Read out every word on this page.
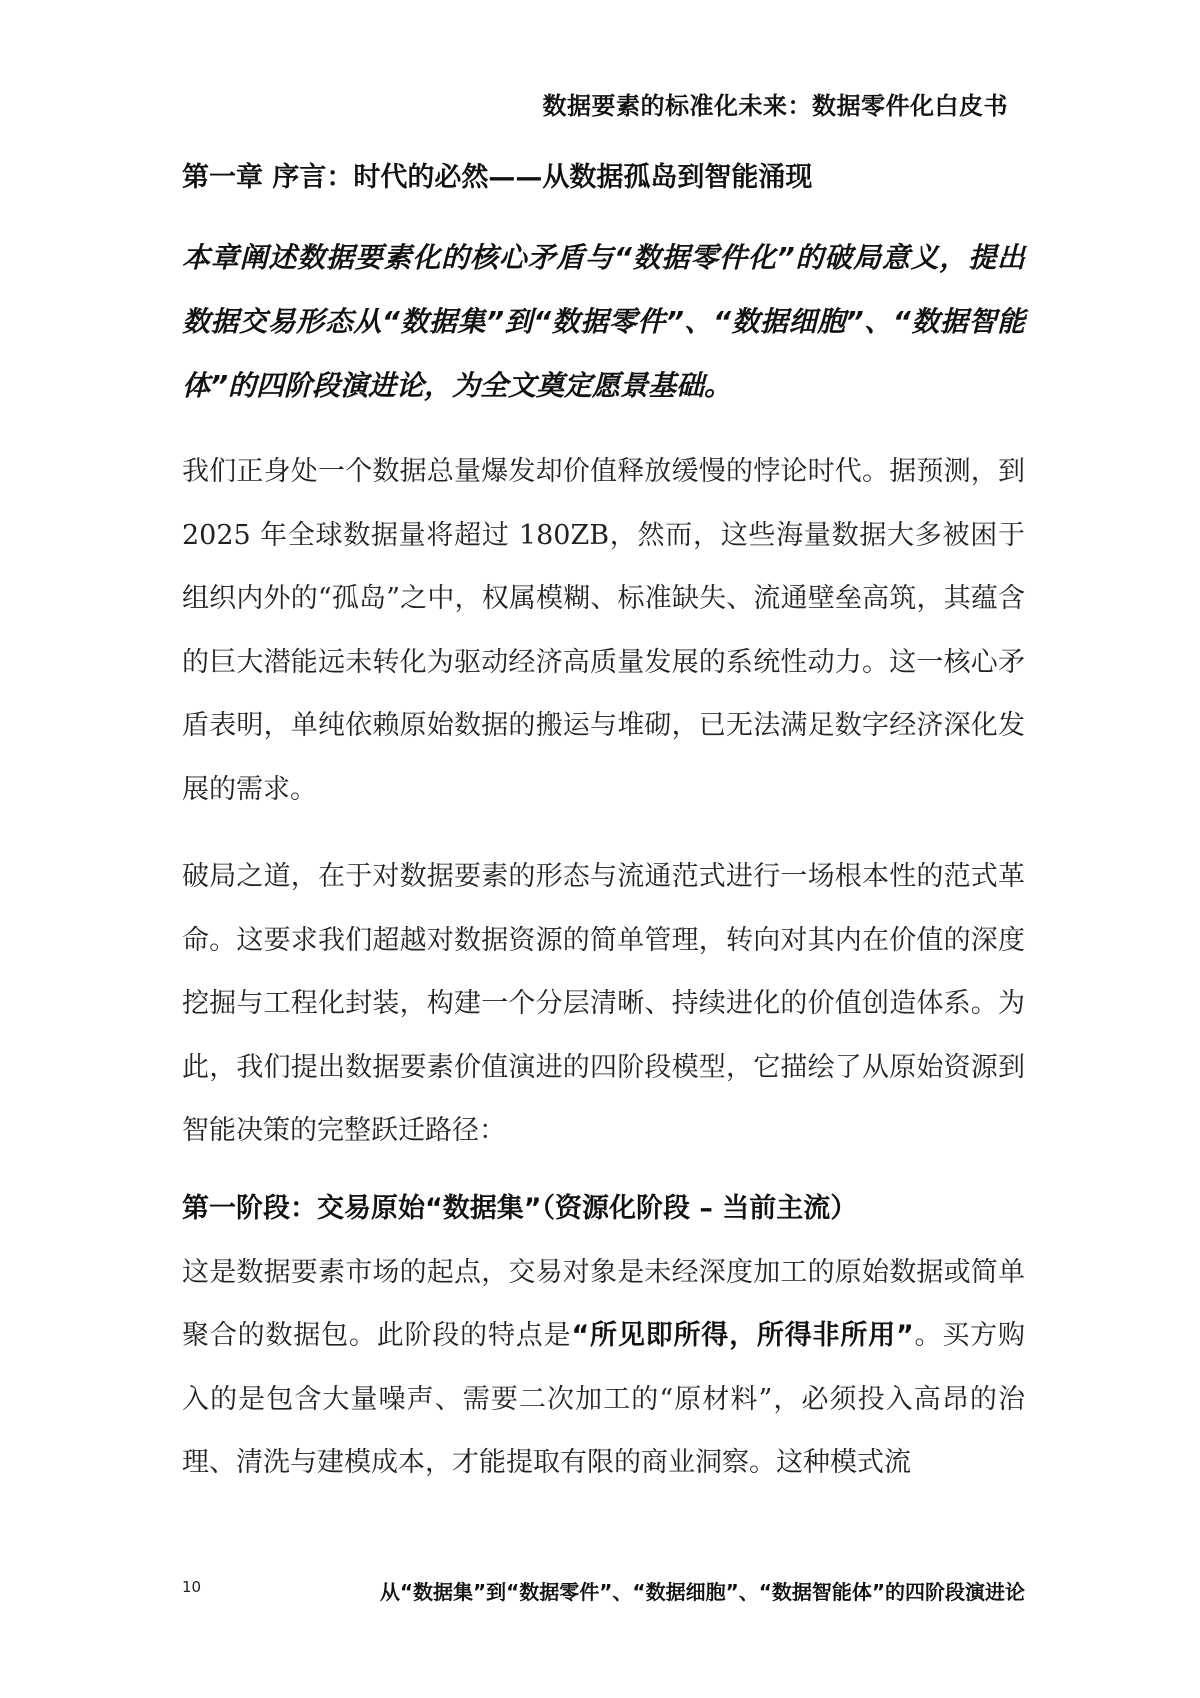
数据要素的标准化未来：数据零件化白皮书
第一章 序言：时代的必然——从数据孤岛到智能涌现
本章阐述数据要素化的核心矛盾与“数据零件化”的破局意义，提出数据交易形态从“数据集”到“数据零件”、“数据细胞”、“数据智能体”的四阶段演进论，为全文奠定愿景基础。

我们正身处一个数据总量爆发却价值释放缓慢的悖论时代。据预测，到 2025 年全球数据量将超过 180ZB，然而，这些海量数据大多被困于组织内外的“孤岛”之中，权属模糊、标准缺失、流通壁垒高筑，其蕴含的巨大潜能远未转化为驱动经济高质量发展的系统性动力。这一核心矛盾表明，单纯依赖原始数据的搬运与堆砌，已无法满足数字经济深化发展的需求。

破局之道，在于对数据要素的形态与流通范式进行一场根本性的范式革命。这要求我们超越对数据资源的简单管理，转向对其内在价值的深度挖掘与工程化封装，构建一个分层清晰、持续进化的价值创造体系。为此，我们提出数据要素价值演进的四阶段模型，它描绘了从原始资源到智能决策的完整跃迁路径：

第一阶段：交易原始“数据集”（资源化阶段 – 当前主流）

这是数据要素市场的起点，交易对象是未经深度加工的原始数据或简单聚合的数据包。此阶段的特点是“所见即所得，所得非所用”。买方购入的是包含大量噪声、需要二次加工的“原材料”，必须投入高昂的治理、清洗与建模成本，才能提取有限的商业洞察。这种模式流

10	从“数据集”到“数据零件”、“数据细胞”、“数据智能体”的四阶段演进论
